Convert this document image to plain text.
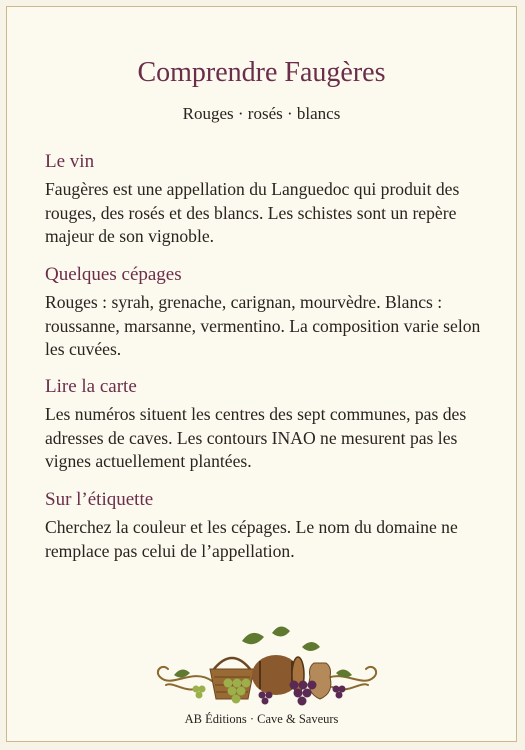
Comprendre Faugères
Rouges · rosés · blancs
Le vin

Faugères est une appellation du Languedoc qui produit des rouges, des rosés et des blancs. Les schistes sont un repère majeur de son vignoble.

Quelques cépages

Rouges : syrah, grenache, carignan, mourvèdre. Blancs : roussanne, marsanne, vermentino. La composition varie selon les cuvées.

Lire la carte

Les numéros situent les centres des sept communes, pas des adresses de caves. Les contours INAO ne mesurent pas les vignes actuellement plantées.

Sur l’étiquette

Cherchez la couleur et les cépages. Le nom du domaine ne remplace pas celui de l’appellation.

AB Éditions · Cave & Saveurs
